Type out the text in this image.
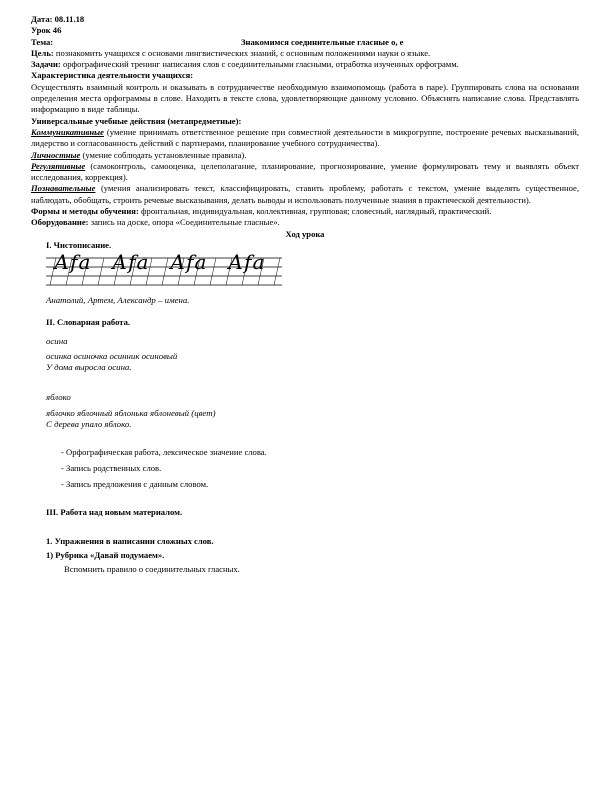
Дата: 08.11.18

Урок 46

Тема:	Знакомимся соединительные гласные о, е

Цель: познакомить учащихся с основами лингвистических знаний, с основным положениями науки о языке.

Задачи: орфографический тренинг написания слов с соединительными гласными, отработка изученных орфограмм.

Характеристика деятельности учащихся:

Осуществлять взаимный контроль и оказывать в сотрудничестве необходимую взаимопомощь (работа в паре). Группировать слова на основании определения места орфограммы в слове. Находить в тексте слова, удовлетворяющие данному условию. Объяснять написание слова. Представлять информацию в виде таблицы.

Универсальные учебные действия (метапредметные):

Коммуникативные (умение принимать ответственное решение при совместной деятельности в микрогруппе, построение речевых высказываний, лидерство и согласованность действий с партнерами, планирование учебного сотрудничества).

Личностные (умение соблюдать установленные правила).

Регулятивные (самоконтроль, самооценка, целеполагание, планирование, прогнозирование, умение формулировать тему и выявлять объект исследования, коррекция).

Познавательные (умения анализировать текст, классифицировать, ставить проблему, работать с текстом, умение выделять существенное, наблюдать, обобщать, строить речевые высказывания, делать выводы и использовать полученные знания в практической деятельности).

Формы и методы обучения: фронтальная, индивидуальная, коллективная, групповая; словесный, наглядный, практический.

Оборудование: запись на доске, опора «Соединительные гласные».

Ход урока

I. Чистописание.

Аfа Аfа Аfа Аfа

Анатолий, Артем, Александр – имена.

II. Словарная работа.

осина

осинка осиночка осинник осиновый

У дома выросла осина.

яблоко

яблочко яблочный яблонька яблоневый (цвет)

С дерева упало яблоко.

- Орфографическая работа, лексическое значение слова.

- Запись родственных слов.

- Запись предложения с данным словом.

III. Работа над новым материалом.

1. Упражнения в написании сложных слов.

1) Рубрика «Давай подумаем».

Вспомнить правило о соединительных гласных.
